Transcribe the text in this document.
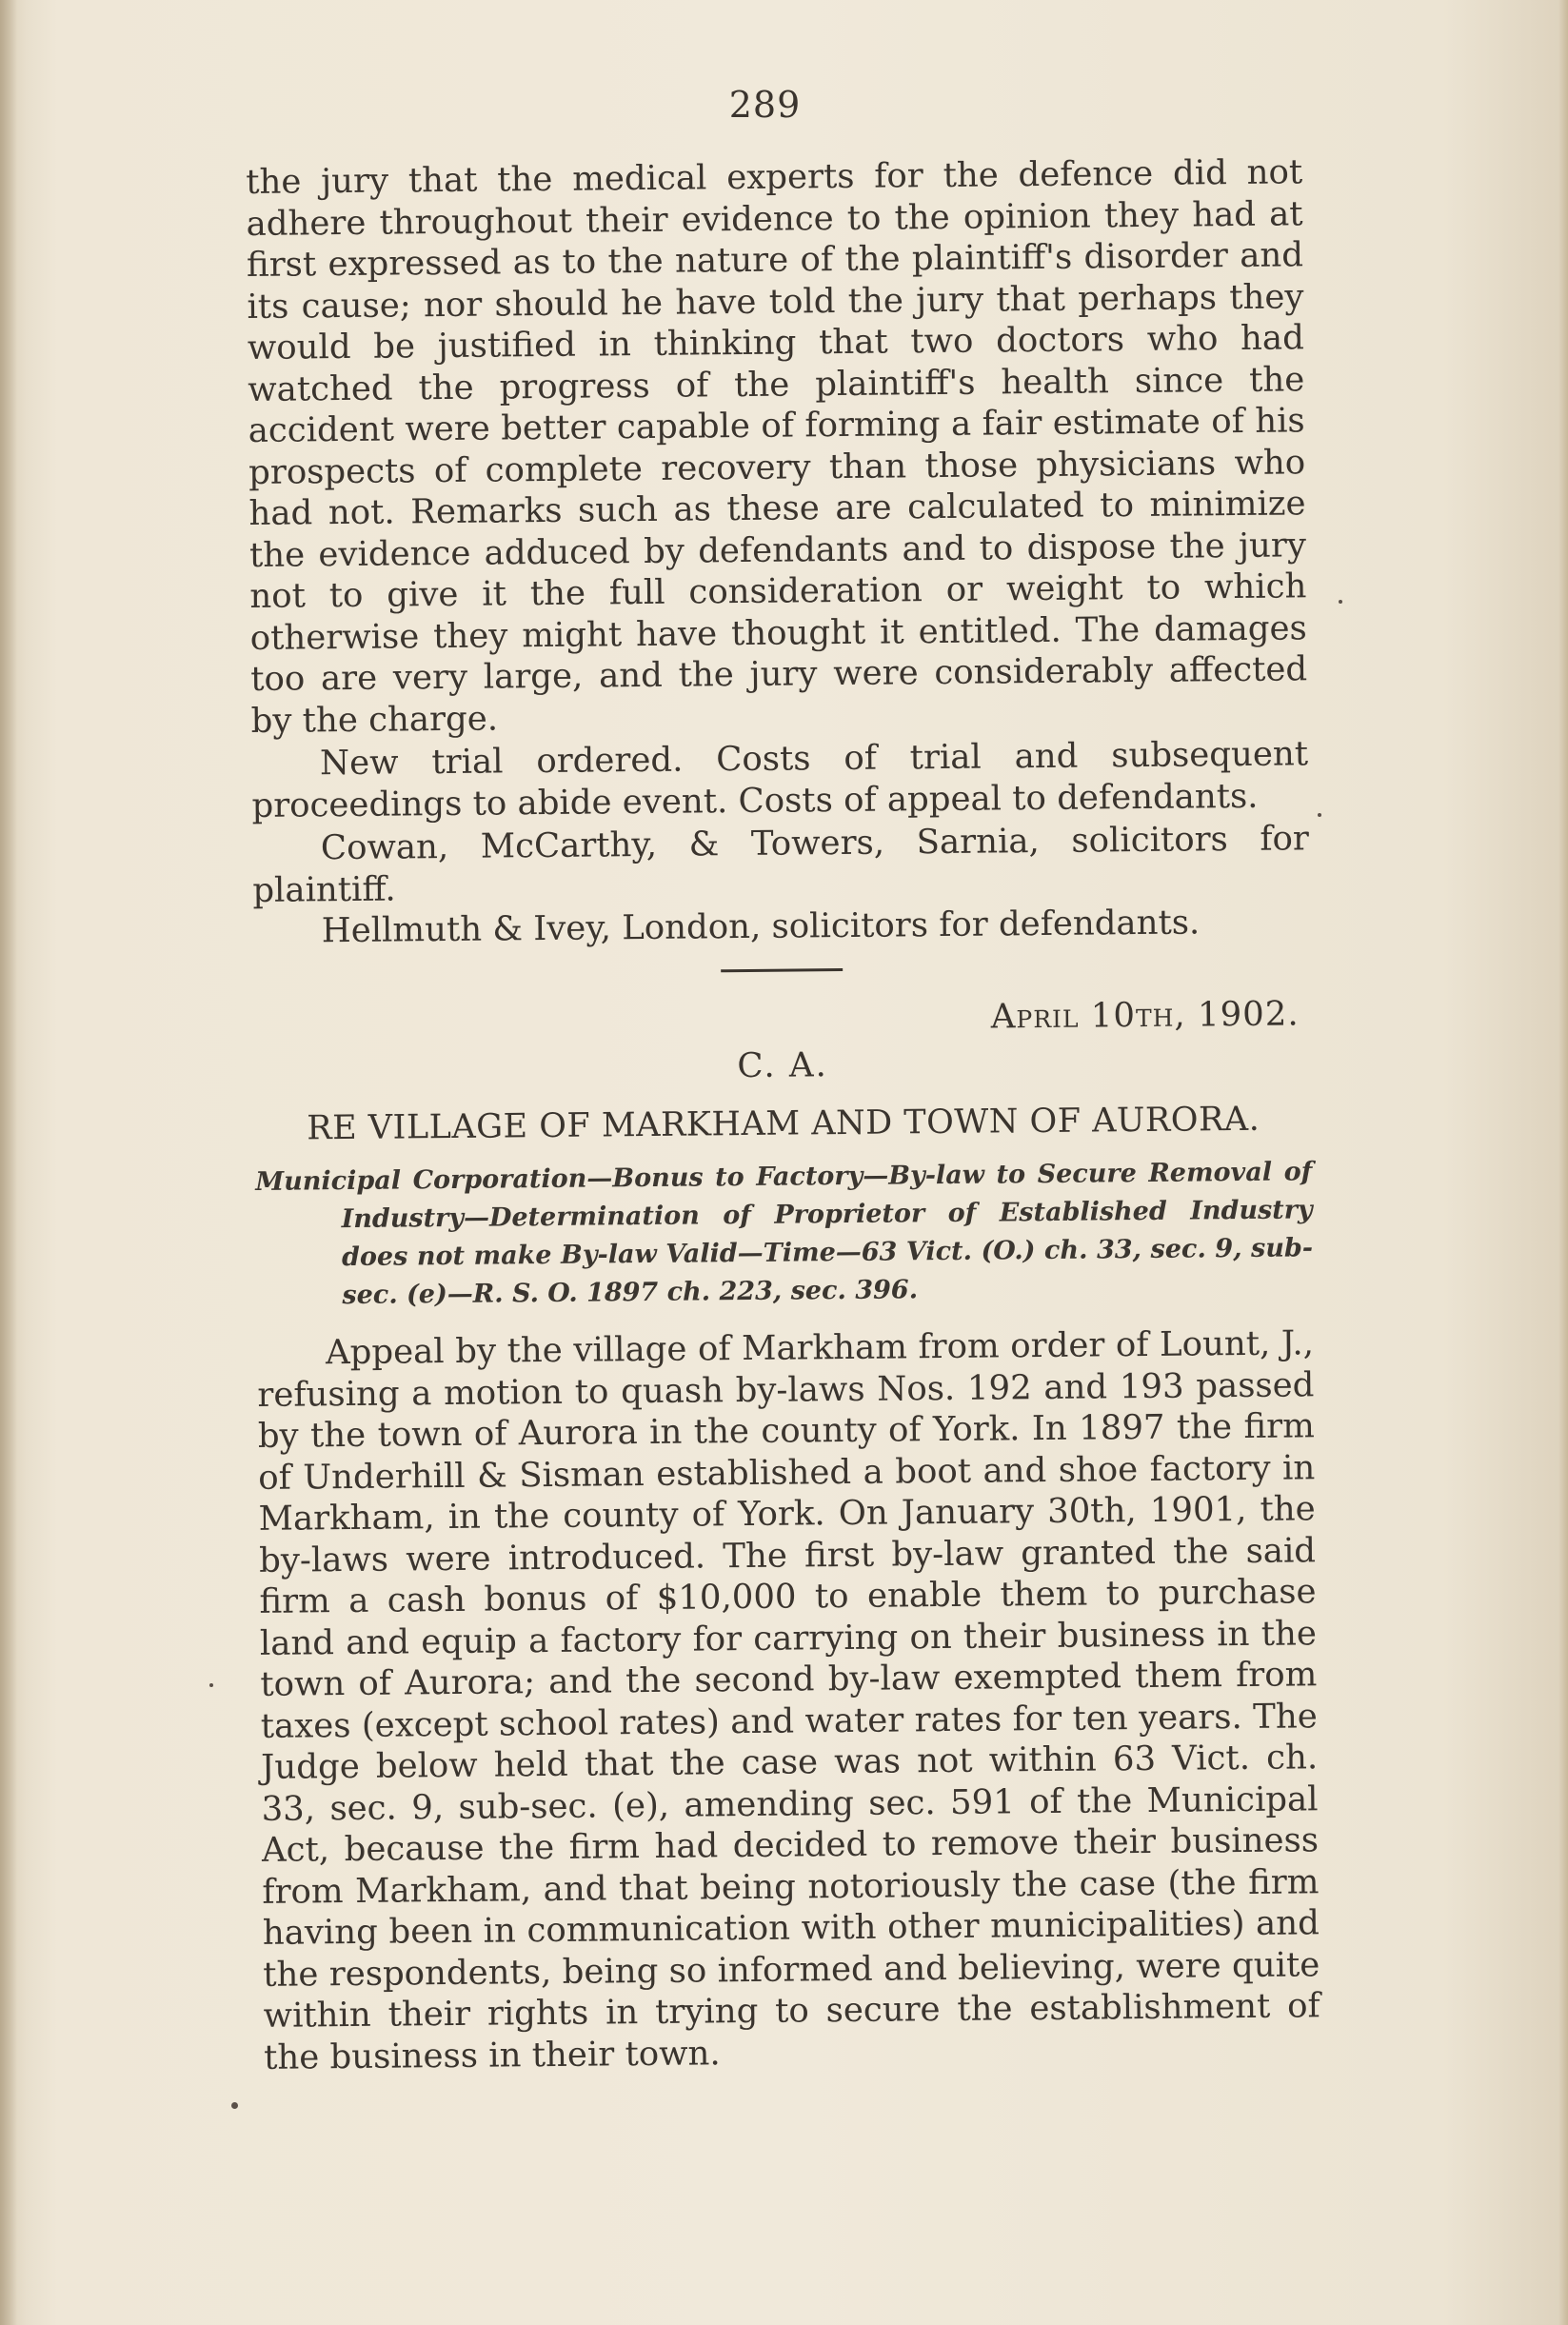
289

the jury that the medical experts for the defence did not adhere throughout their evidence to the opinion they had at first expressed as to the nature of the plaintiff's disorder and its cause; nor should he have told the jury that perhaps they would be justified in thinking that two doctors who had watched the progress of the plaintiff's health since the accident were better capable of forming a fair estimate of his prospects of complete recovery than those physicians who had not. Remarks such as these are calculated to minimize the evidence adduced by defendants and to dispose the jury not to give it the full consideration or weight to which otherwise they might have thought it entitled. The damages too are very large, and the jury were considerably affected by the charge.

New trial ordered. Costs of trial and subsequent proceedings to abide event. Costs of appeal to defendants.

Cowan, McCarthy, & Towers, Sarnia, solicitors for plaintiff.

Hellmuth & Ivey, London, solicitors for defendants.

April 10th, 1902.
C. A.
RE VILLAGE OF MARKHAM AND TOWN OF AURORA.

Municipal Corporation—Bonus to Factory—By-law to Secure Removal of Industry—Determination of Proprietor of Established Industry does not make By-law Valid—Time—63 Vict. (O.) ch. 33, sec. 9, sub-sec. (e)—R. S. O. 1897 ch. 223, sec. 396.

Appeal by the village of Markham from order of Lount, J., refusing a motion to quash by-laws Nos. 192 and 193 passed by the town of Aurora in the county of York. In 1897 the firm of Underhill & Sisman established a boot and shoe factory in Markham, in the county of York. On January 30th, 1901, the by-laws were introduced. The first by-law granted the said firm a cash bonus of $10,000 to enable them to purchase land and equip a factory for carrying on their business in the town of Aurora; and the second by-law exempted them from taxes (except school rates) and water rates for ten years. The Judge below held that the case was not within 63 Vict. ch. 33, sec. 9, sub-sec. (e), amending sec. 591 of the Municipal Act, because the firm had decided to remove their business from Markham, and that being notoriously the case (the firm having been in communication with other municipalities) and the respondents, being so informed and believing, were quite within their rights in trying to secure the establishment of the business in their town.
